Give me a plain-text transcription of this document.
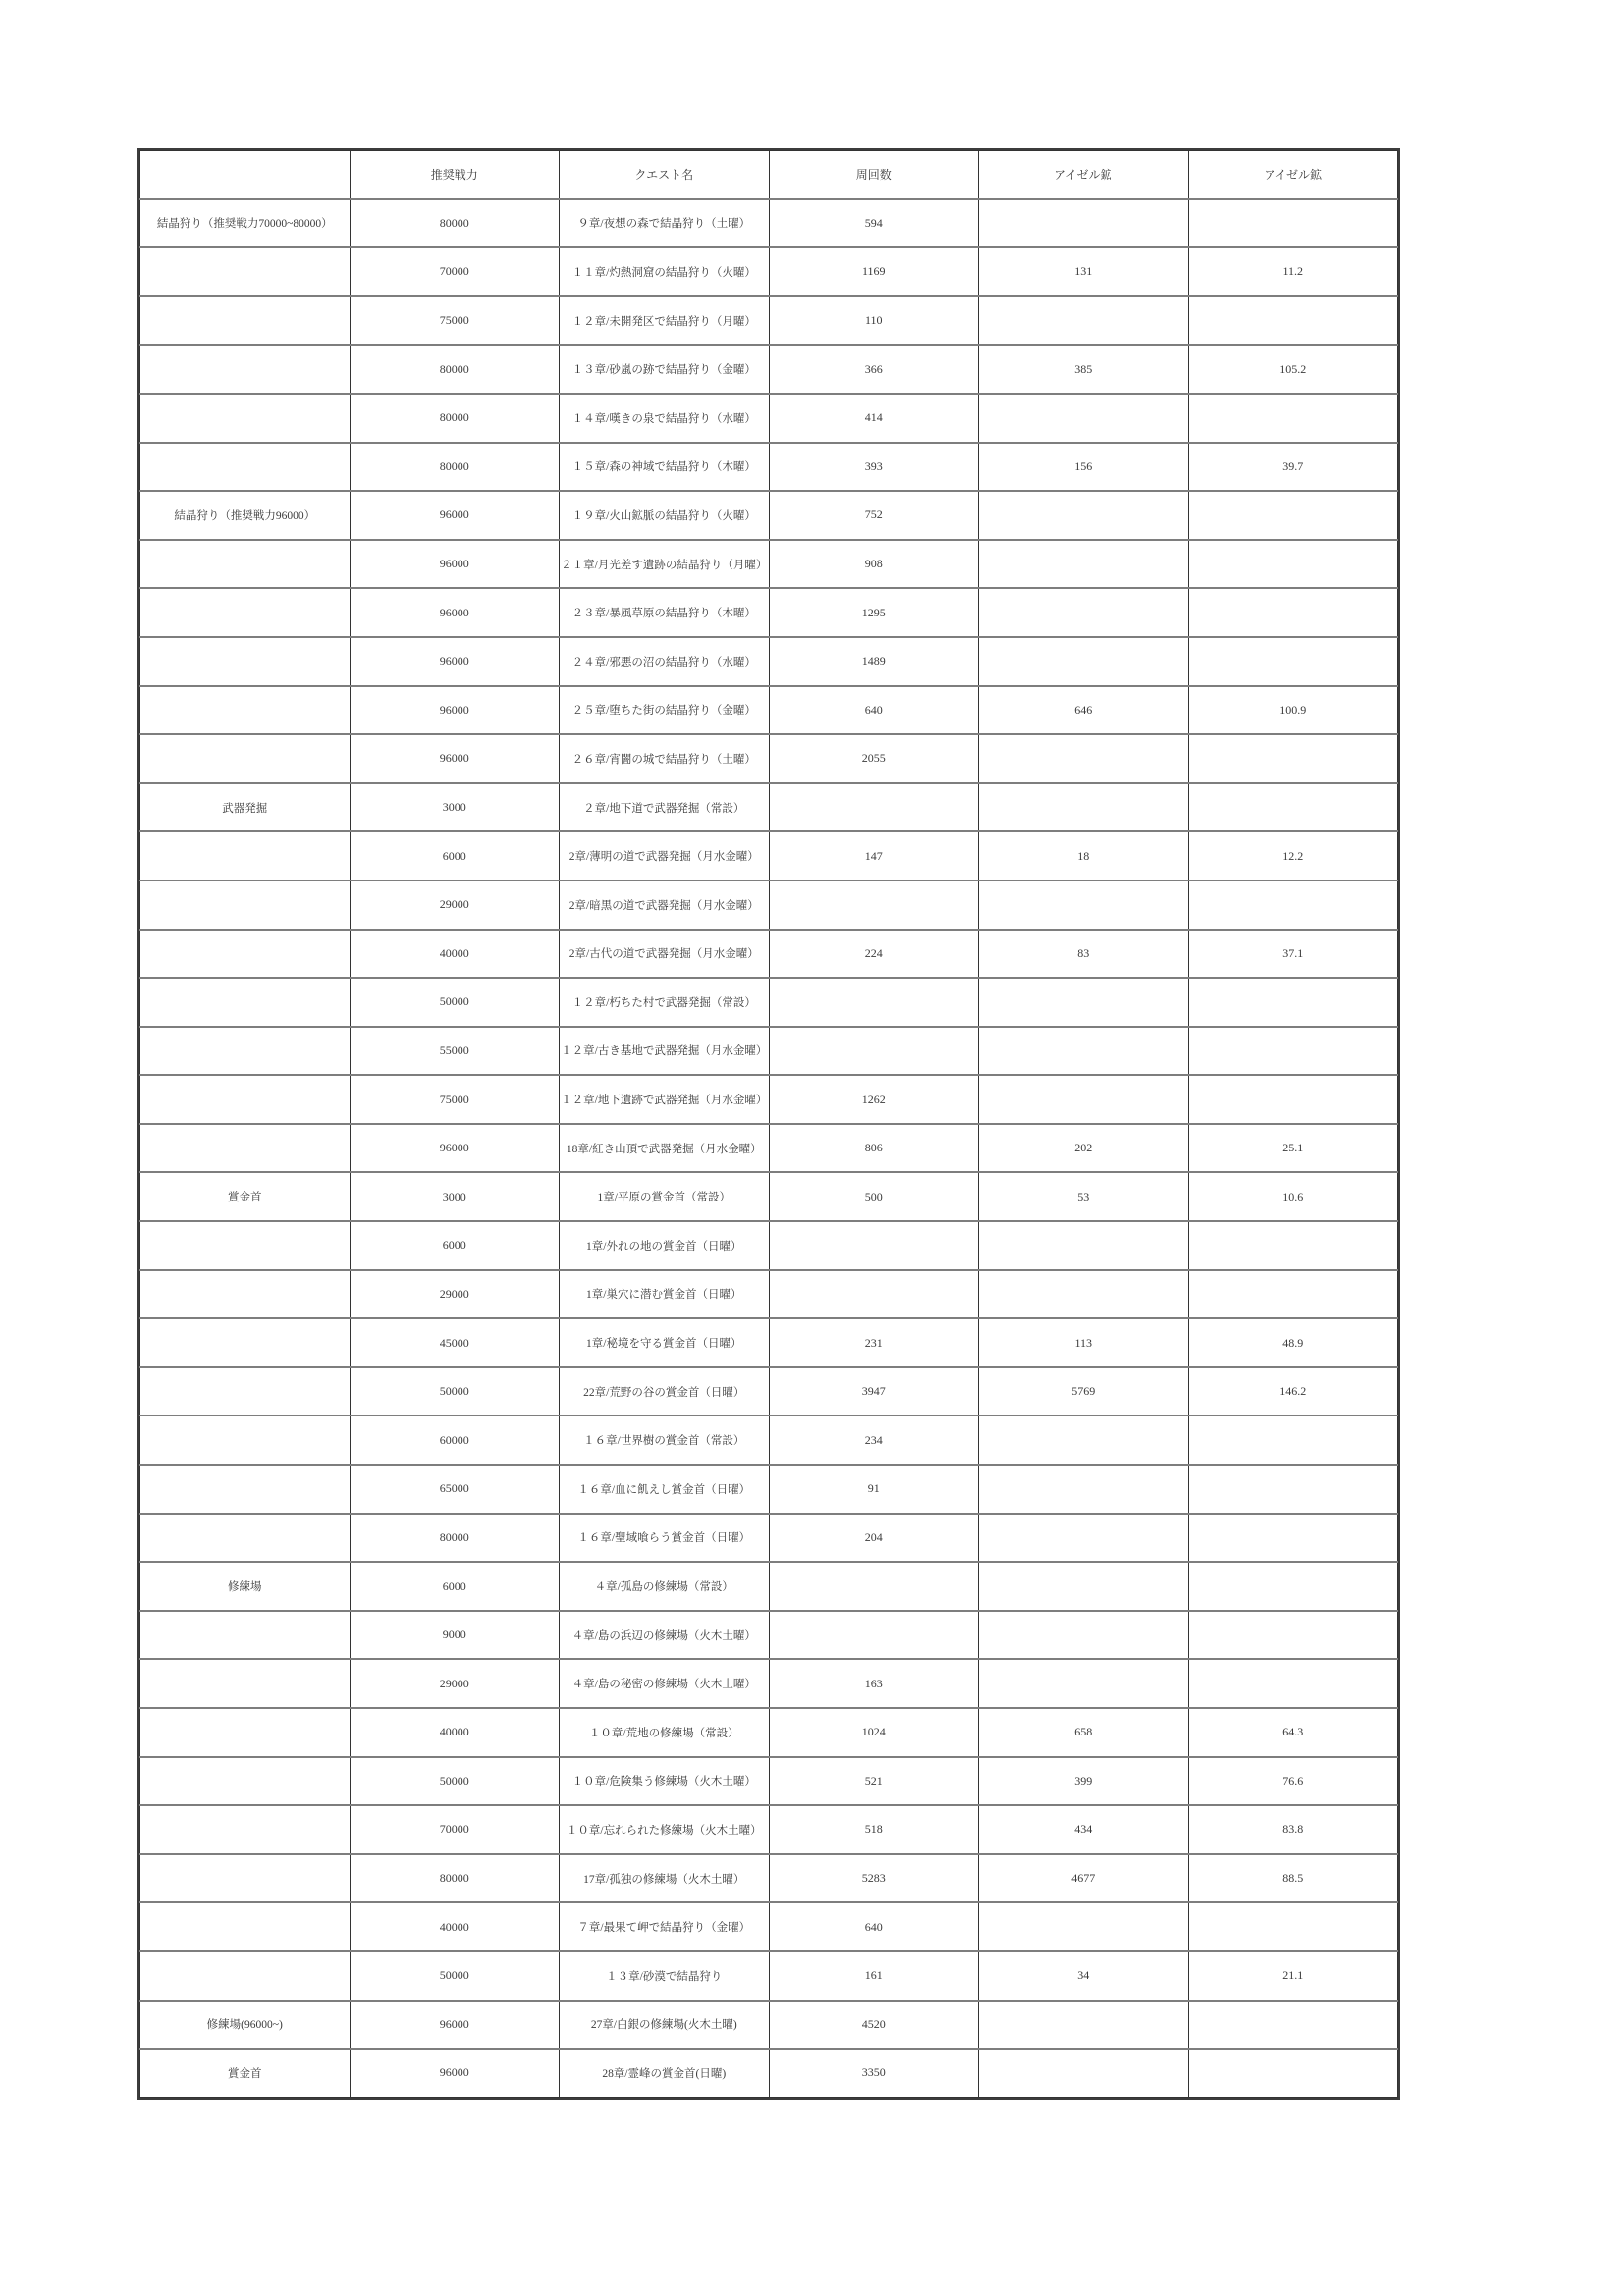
	推奨戦力	クエスト名	周回数	アイゼル鉱	アイゼル鉱
結晶狩り（推奨戦力70000~80000）	80000	９章/夜想の森で結晶狩り（土曜）	594		
	70000	１１章/灼熱洞窟の結晶狩り（火曜）	1169	131	11.2
	75000	１２章/未開発区で結晶狩り（月曜）	110		
	80000	１３章/砂嵐の跡で結晶狩り（金曜）	366	385	105.2
	80000	１４章/嘆きの泉で結晶狩り（水曜）	414		
	80000	１５章/森の神域で結晶狩り（木曜）	393	156	39.7
結晶狩り（推奨戦力96000）	96000	１９章/火山鉱脈の結晶狩り（火曜）	752		
	96000	２１章/月光差す遺跡の結晶狩り（月曜）	908		
	96000	２３章/暴風草原の結晶狩り（木曜）	1295		
	96000	２４章/邪悪の沼の結晶狩り（水曜）	1489		
	96000	２５章/堕ちた街の結晶狩り（金曜）	640	646	100.9
	96000	２６章/宵闇の城で結晶狩り（土曜）	2055		
武器発掘	3000	２章/地下道で武器発掘（常設）			
	6000	2章/薄明の道で武器発掘（月水金曜）	147	18	12.2
	29000	2章/暗黒の道で武器発掘（月水金曜）			
	40000	2章/古代の道で武器発掘（月水金曜）	224	83	37.1
	50000	１２章/朽ちた村で武器発掘（常設）			
	55000	１２章/古き基地で武器発掘（月水金曜）			
	75000	１２章/地下遺跡で武器発掘（月水金曜）	1262		
	96000	18章/紅き山頂で武器発掘（月水金曜）	806	202	25.1
賞金首	3000	1章/平原の賞金首（常設）	500	53	10.6
	6000	1章/外れの地の賞金首（日曜）			
	29000	1章/巣穴に潜む賞金首（日曜）			
	45000	1章/秘境を守る賞金首（日曜）	231	113	48.9
	50000	22章/荒野の谷の賞金首（日曜）	3947	5769	146.2
	60000	１６章/世界樹の賞金首（常設）	234		
	65000	１６章/血に飢えし賞金首（日曜）	91		
	80000	１６章/聖域喰らう賞金首（日曜）	204		
修練場	6000	４章/孤島の修練場（常設）			
	9000	４章/島の浜辺の修練場（火木土曜）			
	29000	４章/島の秘密の修練場（火木土曜）	163		
	40000	１０章/荒地の修練場（常設）	1024	658	64.3
	50000	１０章/危険集う修練場（火木土曜）	521	399	76.6
	70000	１０章/忘れられた修練場（火木土曜）	518	434	83.8
	80000	17章/孤独の修練場（火木土曜）	5283	4677	88.5
	40000	７章/最果て岬で結晶狩り（金曜）	640		
	50000	１３章/砂漠で結晶狩り	161	34	21.1
修練場(96000~)	96000	27章/白銀の修練場(火木土曜)	4520		
賞金首	96000	28章/霊峰の賞金首(日曜)	3350		
